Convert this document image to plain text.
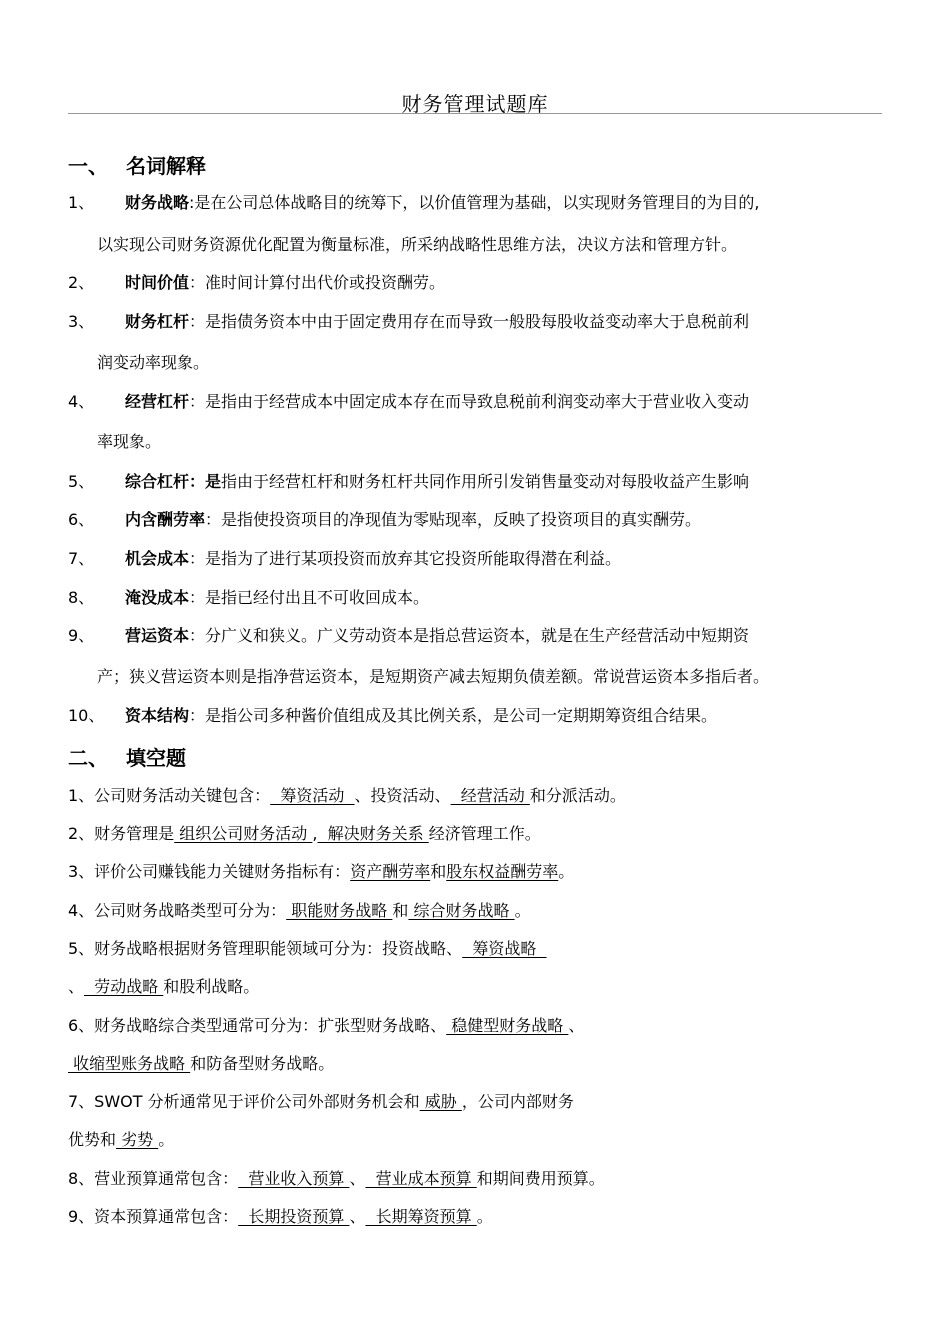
财务管理试题库
一、 名词解释
1、 财务战略:是在公司总体战略目的统筹下，以价值管理为基础，以实现财务管理目的为目的,
以实现公司财务资源优化配置为衡量标准，所采纳战略性思维方法，决议方法和管理方针。
2、 时间价值：准时间计算付出代价或投资酬劳。
3、 财务杠杆：是指债务资本中由于固定费用存在而导致一般股每股收益变动率大于息税前利
润变动率现象。
4、 经营杠杆：是指由于经营成本中固定成本存在而导致息税前利润变动率大于营业收入变动
率现象。
5、 综合杠杆：是指由于经营杠杆和财务杠杆共同作用所引发销售量变动对每股收益产生影响
6、 内含酬劳率：是指使投资项目的净现值为零贴现率，反映了投资项目的真实酬劳。
7、 机会成本：是指为了进行某项投资而放弃其它投资所能取得潜在利益。
8、 淹没成本：是指已经付出且不可收回成本。
9、 营运资本：分广义和狭义。广义劳动资本是指总营运资本，就是在生产经营活动中短期资
产；狭义营运资本则是指净营运资本，是短期资产减去短期负债差额。常说营运资本多指后者。
10、 资本结构：是指公司多种酱价值组成及其比例关系，是公司一定期期筹资组合结果。
二、 填空题
1、公司财务活动关键包含：  筹资活动  、投资活动、  经营活动 和分派活动。
2、财务管理是 组织公司财务活动 ,  解决财务关系 经济管理工作。
3、评价公司赚钱能力关键财务指标有：资产酬劳率和股东权益酬劳率。
4、公司财务战略类型可分为： 职能财务战略 和 综合财务战略 。
5、财务战略根据财务管理职能领域可分为：投资战略、  筹资战略
、  劳动战略 和股利战略。
6、财务战略综合类型通常可分为：扩张型财务战略、 稳健型财务战略 、
收缩型账务战略 和防备型财务战略。
7、SWOT 分析通常见于评价公司外部财务机会和 威胁 ，公司内部财务
优势和 劣势 。
8、营业预算通常包含：  营业收入预算 、  营业成本预算 和期间费用预算。
9、资本预算通常包含：  长期投资预算 、  长期筹资预算 。
